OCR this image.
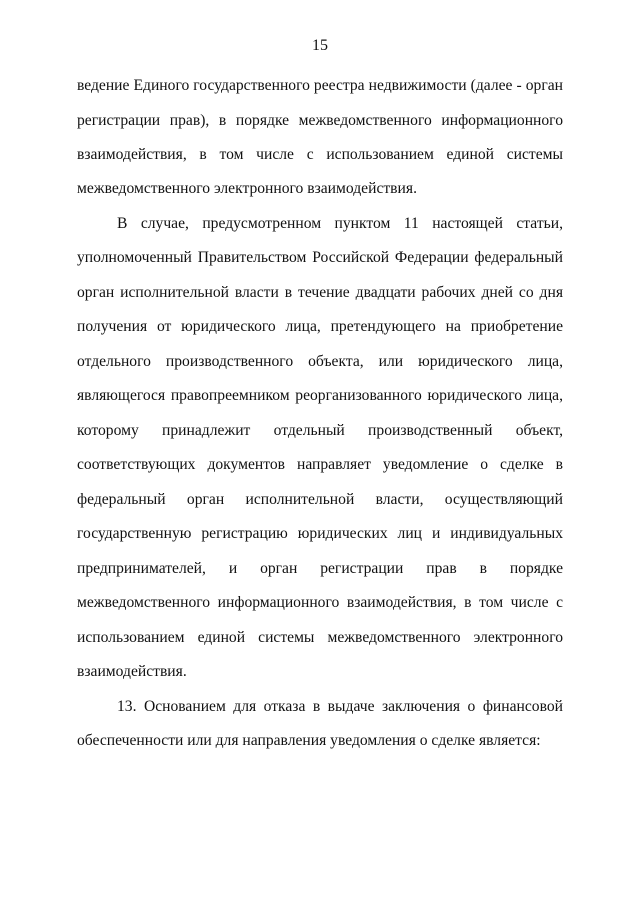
15
ведение Единого государственного реестра недвижимости (далее - орган
регистрации прав), в порядке межведомственного информационного
взаимодействия, в том числе с использованием единой системы
межведомственного электронного взаимодействия.
В случае, предусмотренном пунктом 11 настоящей статьи,
уполномоченный Правительством Российской Федерации федеральный
орган исполнительной власти в течение двадцати рабочих дней со дня
получения от юридического лица, претендующего на приобретение
отдельного производственного объекта, или юридического лица,
являющегося правопреемником реорганизованного юридического лица,
которому принадлежит отдельный производственный объект,
соответствующих документов направляет уведомление о сделке в
федеральный орган исполнительной власти, осуществляющий
государственную регистрацию юридических лиц и индивидуальных
предпринимателей, и орган регистрации прав в порядке
межведомственного информационного взаимодействия, в том числе с
использованием единой системы межведомственного электронного
взаимодействия.
13. Основанием для отказа в выдаче заключения о финансовой
обеспеченности или для направления уведомления о сделке является:
